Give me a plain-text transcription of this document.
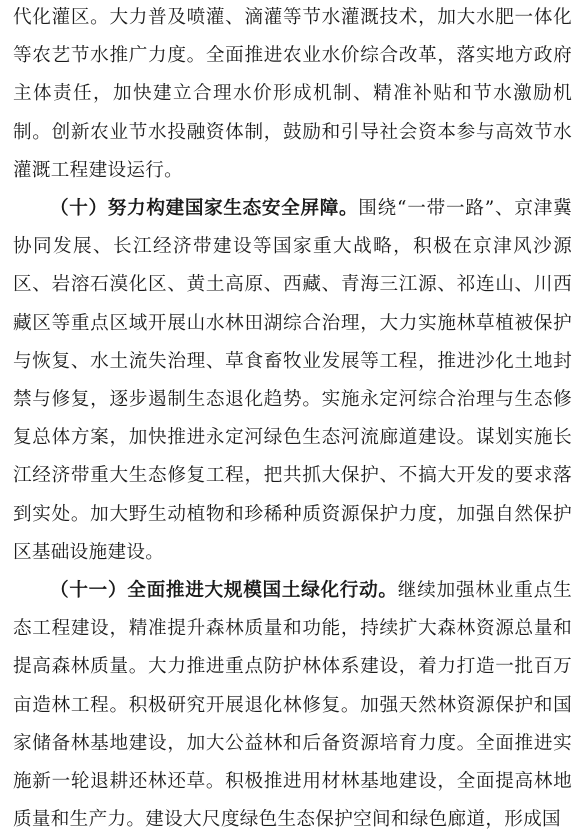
代化灌区。大力普及喷灌、滴灌等节水灌溉技术，加大水肥一体化等农艺节水推广力度。全面推进农业水价综合改革，落实地方政府主体责任，加快建立合理水价形成机制、精准补贴和节水激励机制。创新农业节水投融资体制，鼓励和引导社会资本参与高效节水灌溉工程建设运行。

（十）努力构建国家生态安全屏障。围绕“一带一路”、京津冀协同发展、长江经济带建设等国家重大战略，积极在京津风沙源区、岩溶石漠化区、黄土高原、西藏、青海三江源、祁连山、川西藏区等重点区域开展山水林田湖综合治理，大力实施林草植被保护与恢复、水土流失治理、草食畜牧业发展等工程，推进沙化土地封禁与修复，逐步遏制生态退化趋势。实施永定河综合治理与生态修复总体方案，加快推进永定河绿色生态河流廊道建设。谋划实施长江经济带重大生态修复工程，把共抓大保护、不搞大开发的要求落到实处。加大野生动植物和珍稀种质资源保护力度，加强自然保护区基础设施建设。

（十一）全面推进大规模国土绿化行动。继续加强林业重点生态工程建设，精准提升森林质量和功能，持续扩大森林资源总量和提高森林质量。大力推进重点防护林体系建设，着力打造一批百万亩造林工程。积极研究开展退化林修复。加强天然林资源保护和国家储备林基地建设，加大公益林和后备资源培育力度。全面推进实施新一轮退耕还林还草。积极推进用材林基地建设，全面提高林地质量和生产力。建设大尺度绿色生态保护空间和绿色廊道，形成国
